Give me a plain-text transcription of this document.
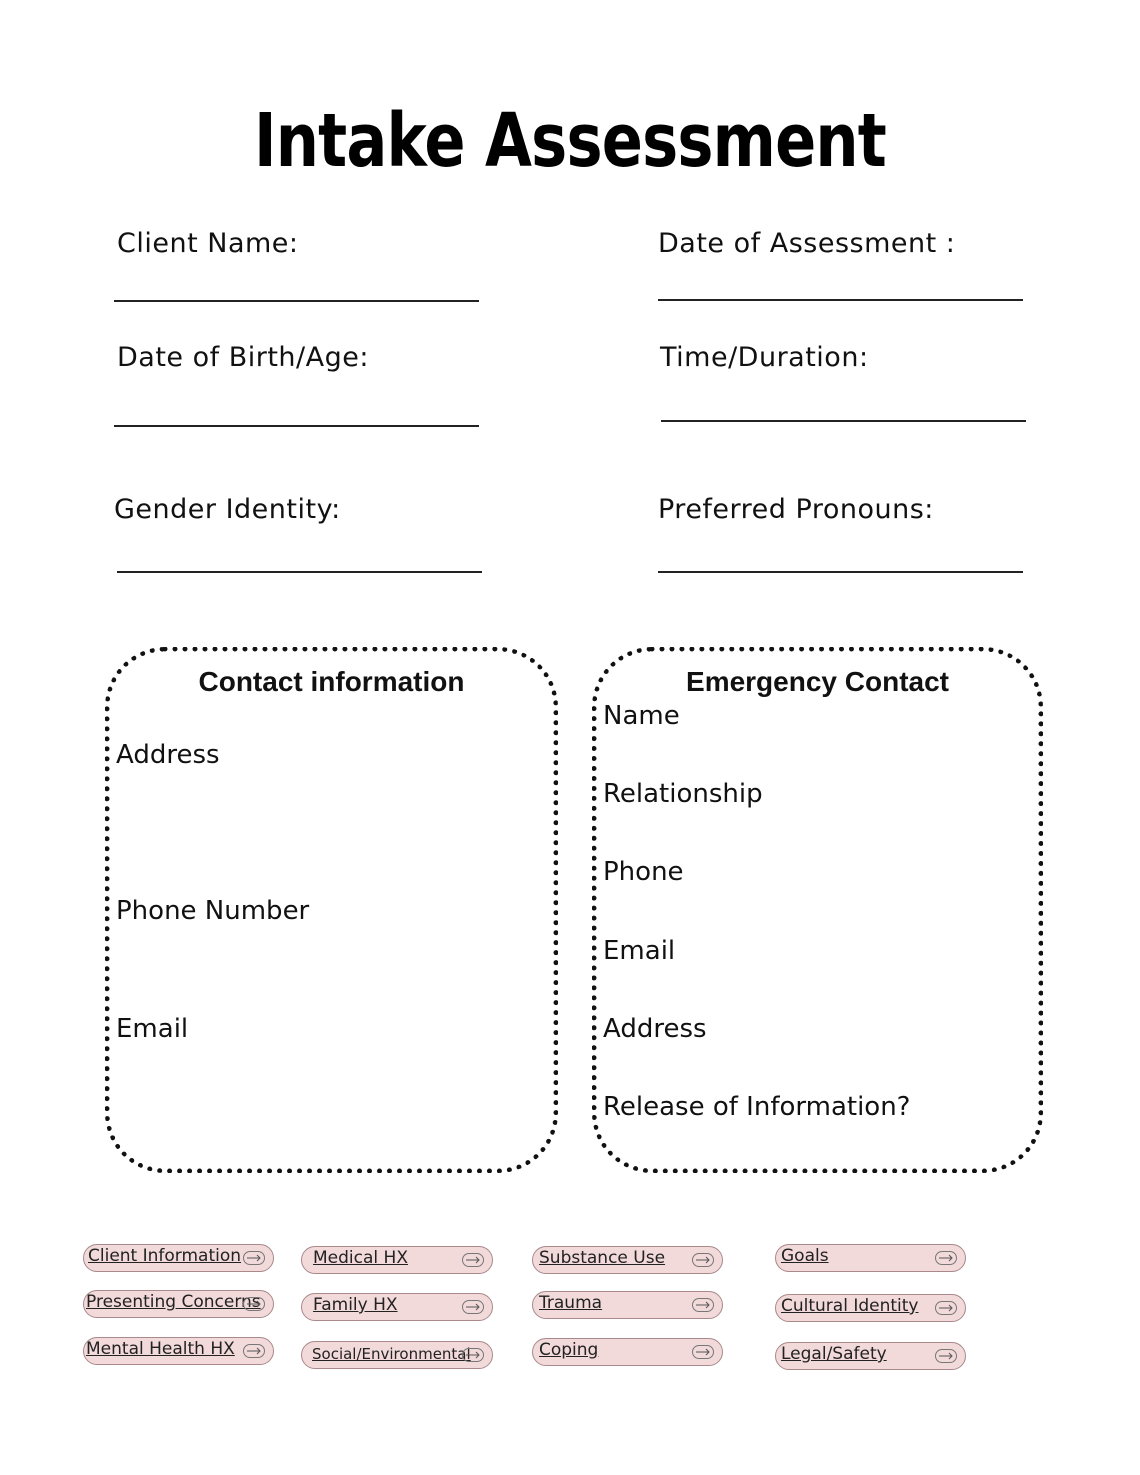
Intake Assessment
Client Name:	Date of Assessment :
Date of Birth/Age:	Time/Duration:
Gender Identity:	Preferred Pronouns:
Contact information
Address
Phone Number
Email
Emergency Contact
Name
Relationship
Phone
Email
Address
Release of Information?
Client Information	Medical HX	Substance Use	Goals
Presenting Concerns	Family HX	Trauma	Cultural Identity
Mental Health HX	Social/Environmental	Coping	Legal/Safety
